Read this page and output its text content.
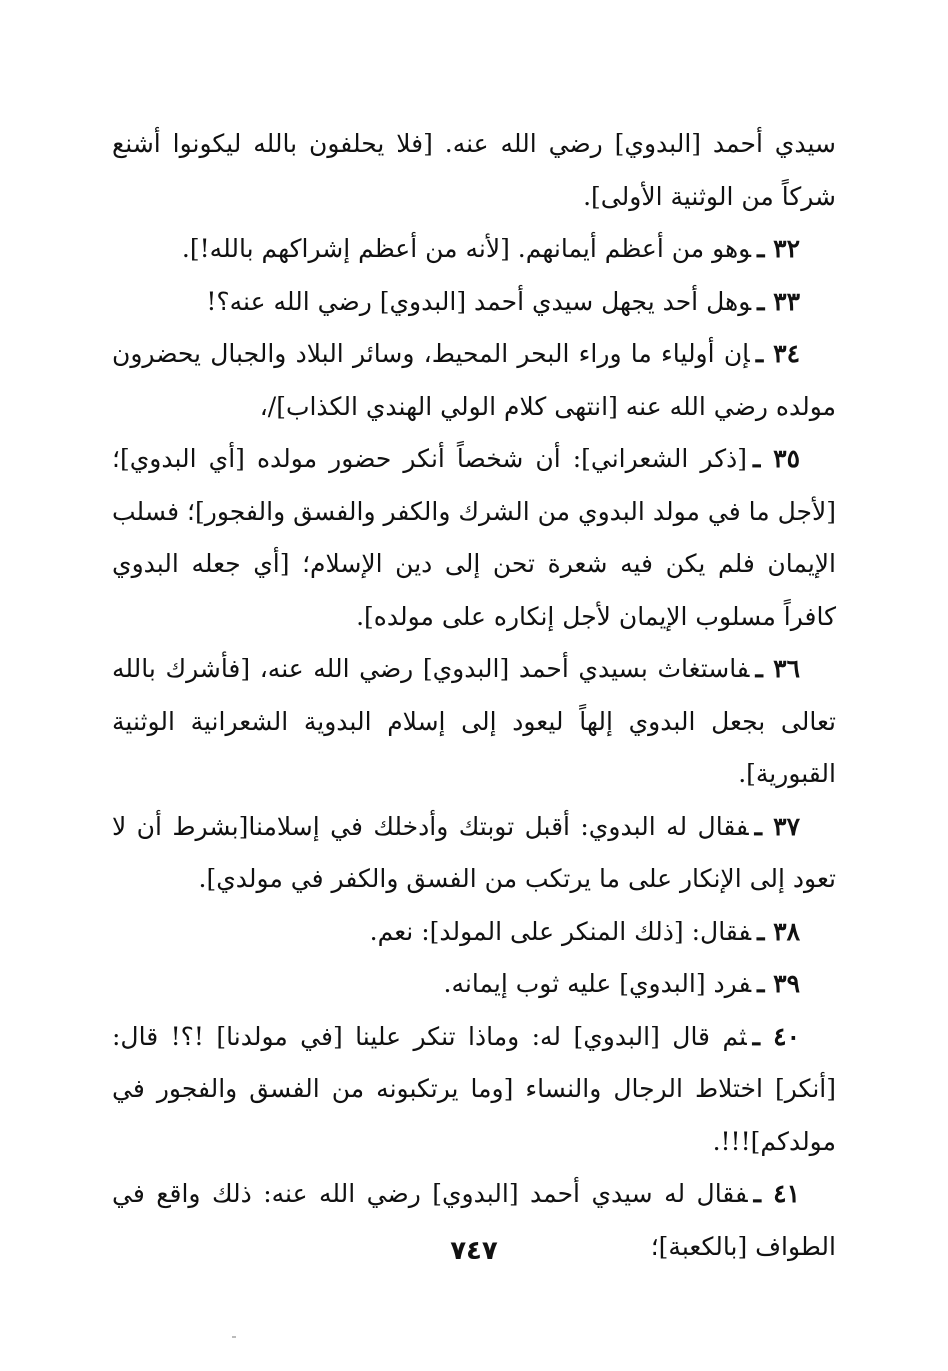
سيدي أحمد [البدوي] رضي الله عنه. [فلا يحلفون بالله ليكونوا أشنع شركاً من الوثنية الأولى].

٣٢ ـوهو من أعظم أيمانهم. [لأنه من أعظم إشراكهم بالله!].

٣٣ ـوهل أحد يجهل سيدي أحمد [البدوي] رضي الله عنه؟!

٣٤ ـإن أولياء ما وراء البحر المحيط، وسائر البلاد والجبال يحضرون مولده رضي الله عنه [انتهى كلام الولي الهندي الكذاب]/،

٣٥ ـ[ذكر الشعراني]: أن شخصاً أنكر حضور مولده [أي البدوي]؛ [لأجل ما في مولد البدوي من الشرك والكفر والفسق والفجور]؛ فسلب الإيمان فلم يكن فيه شعرة تحن إلى دين الإسلام؛ [أي جعله البدوي كافراً مسلوب الإيمان لأجل إنكاره على مولده].

٣٦ ـفاستغاث بسيدي أحمد [البدوي] رضي الله عنه، [فأشرك بالله تعالى بجعل البدوي إلهاً ليعود إلى إسلام البدوية الشعرانية الوثنية القبورية].

٣٧ ـفقال له البدوي: أقبل توبتك وأدخلك في إسلامنا[بشرط أن لا تعود إلى الإنكار على ما يرتكب من الفسق والكفر في مولدي].

٣٨ ـفقال: [ذلك المنكر على المولد]: نعم.

٣٩ ـفرد [البدوي] عليه ثوب إيمانه.

٤٠ ـثم قال [البدوي] له: وماذا تنكر علينا [في مولدنا] !؟! قال: [أنكر] اختلاط الرجال والنساء [وما يرتكبونه من الفسق والفجور في مولدكم]!!!.

٤١ ـفقال له سيدي أحمد [البدوي] رضي الله عنه: ذلك واقع في الطواف [بالكعبة]؛

٧٤٧
